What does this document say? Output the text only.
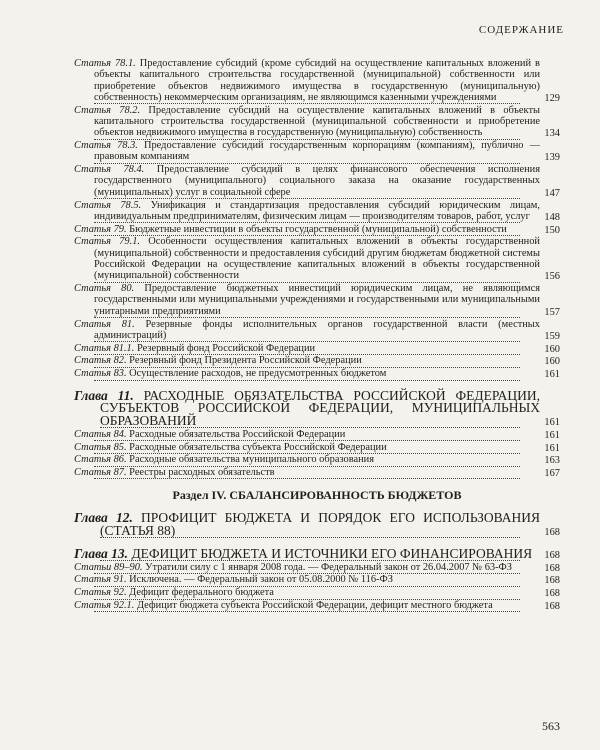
СОДЕРЖАНИЕ
Статья 78.1. Предоставление субсидий (кроме субсидий на осуществление капитальных вложений в объекты капитального строительства государственной (муниципальной) собственности или приобретение объектов недвижимого имущества в государственную (муниципальную) собственность) некоммерческим организациям, не являющимся казенными учреждениями	129
Статья 78.2. Предоставление субсидий на осуществление капитальных вложений в объекты капитального строительства государственной (муниципальной собственности и приобретение объектов недвижимого имущества в государственную (муниципальную) собственность	134
Статья 78.3. Предоставление субсидий государственным корпорациям (компаниям), публично — правовым компаниям	139
Статья 78.4. Предоставление субсидий в целях финансового обеспечения исполнения государственного (муниципального) социального заказа на оказание государственных (муниципальных) услуг в социальной сфере	147
Статья 78.5. Унификация и стандартизация предоставления субсидий юридическим лицам, индивидуальным предпринимателям, физическим лицам — производителям товаров, работ, услуг 148
Статья 79. Бюджетные инвестиции в объекты государственной (муниципальной) собственности	150
Статья 79.1. Особенности осуществления капитальных вложений в объекты государственной (муниципальной) собственности и предоставления субсидий другим бюджетам бюджетной системы Российской Федерации на осуществление капитальных вложений в объекты государственной (муниципальной) собственности	156
Статья 80. Предоставление бюджетных инвестиций юридическим лицам, не являющимся государственными или муниципальными учреждениями и государственными или муниципальными унитарными предприятиями	157
Статья 81. Резервные фонды исполнительных органов государственной власти (местных администраций)	159
Статья 81.1. Резервный фонд Российской Федерации	160
Статья 82. Резервный фонд Президента Российской Федерации	160
Статья 83. Осуществление расходов, не предусмотренных бюджетом	161
Глава 11. РАСХОДНЫЕ ОБЯЗАТЕЛЬСТВА РОССИЙСКОЙ ФЕДЕРАЦИИ, СУБЪЕКТОВ РОССИЙСКОЙ ФЕДЕРАЦИИ, МУНИЦИПАЛЬНЫХ ОБРАЗОВАНИЙ	161
Статья 84. Расходные обязательства Российской Федерации	161
Статья 85. Расходные обязательства субъекта Российской Федерации	161
Статья 86. Расходные обязательства муниципального образования	163
Статья 87. Реестры расходных обязательств	167
Раздел IV. СБАЛАНСИРОВАННОСТЬ БЮДЖЕТОВ
Глава 12. ПРОФИЦИТ БЮДЖЕТА И ПОРЯДОК ЕГО ИСПОЛЬЗОВАНИЯ (СТАТЬЯ 88)	168
Глава 13. ДЕФИЦИТ БЮДЖЕТА И ИСТОЧНИКИ ЕГО ФИНАНСИРОВАНИЯ 168
Статьи 89–90. Утратили силу с 1 января 2008 года. — Федеральный закон от 26.04.2007 № 63-ФЗ	168
Статья 91. Исключена. — Федеральный закон от 05.08.2000 № 116-ФЗ	168
Статья 92. Дефицит федерального бюджета	168
Статья 92.1. Дефицит бюджета субъекта Российской Федерации, дефицит местного бюджета	168
563
